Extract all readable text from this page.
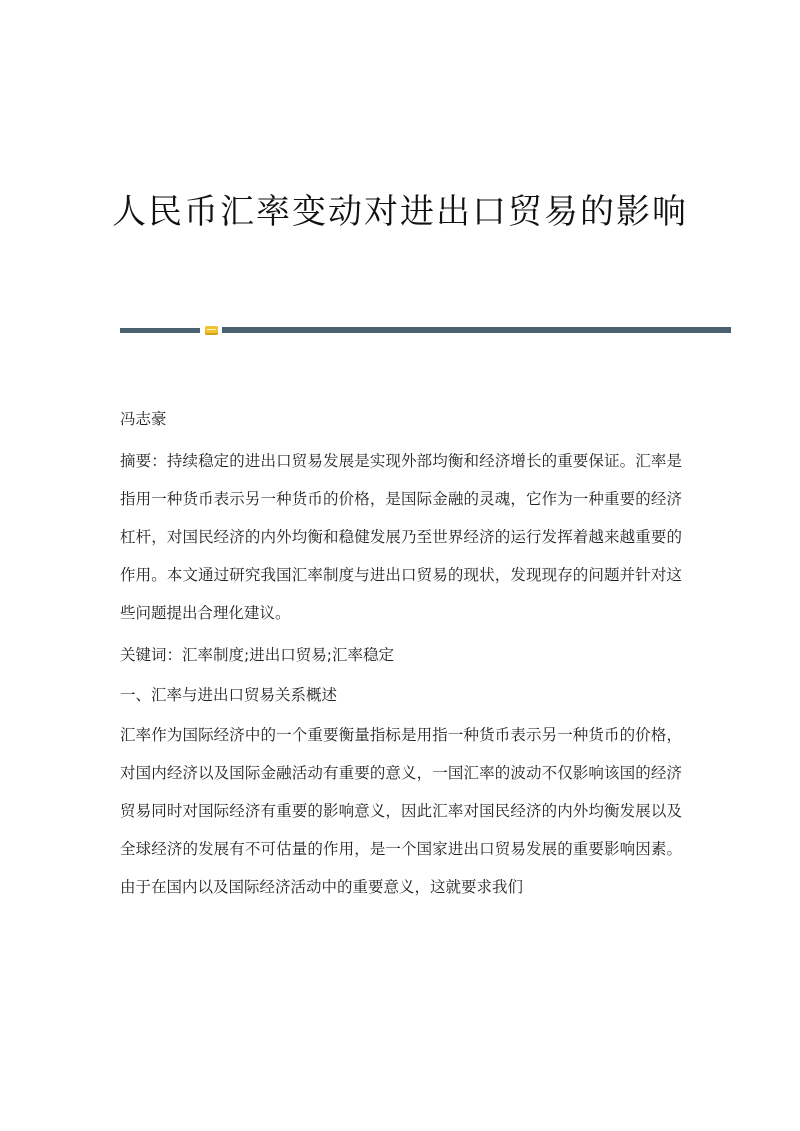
人民币汇率变动对进出口贸易的影响

冯志豪

摘要：持续稳定的进出口贸易发展是实现外部均衡和经济增长的重要保证。汇率是指用一种货币表示另一种货币的价格，是国际金融的灵魂，它作为一种重要的经济杠杆，对国民经济的内外均衡和稳健发展乃至世界经济的运行发挥着越来越重要的作用。本文通过研究我国汇率制度与进出口贸易的现状，发现现存的问题并针对这些问题提出合理化建议。

关键词：汇率制度;进出口贸易;汇率稳定

一、汇率与进出口贸易关系概述

汇率作为国际经济中的一个重要衡量指标是用指一种货币表示另一种货币的价格，对国内经济以及国际金融活动有重要的意义，一国汇率的波动不仅影响该国的经济贸易同时对国际经济有重要的影响意义，因此汇率对国民经济的内外均衡发展以及全球经济的发展有不可估量的作用，是一个国家进出口贸易发展的重要影响因素。由于在国内以及国际经济活动中的重要意义，这就要求我们
